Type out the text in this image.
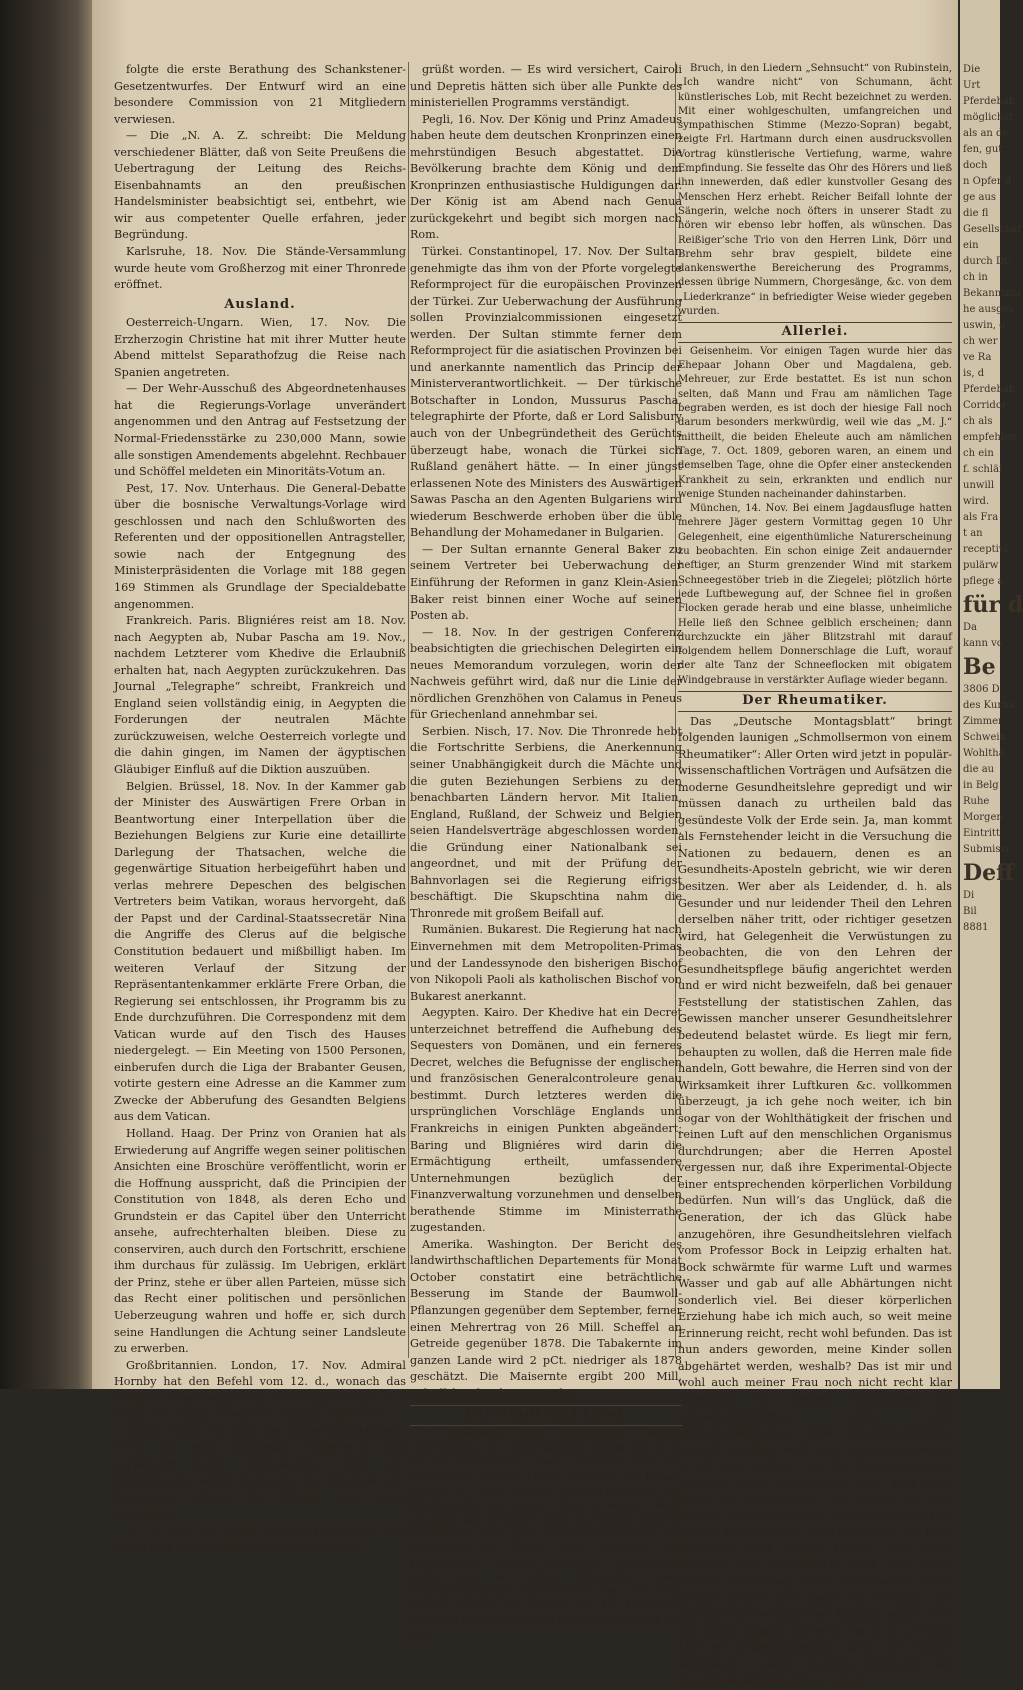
folgte die erste Berathung des Schankstener-Gesetzentwurfes. Der Entwurf wird an eine besondere Commission von 21 Mitgliedern verwiesen.

— Die „N. A. Z. schreibt: Die Meldung verschiedener Blätter, daß von Seite Preußens die Uebertragung der Leitung des Reichs-Eisenbahnamts an den preußischen Handelsminister beabsichtigt sei, entbehrt, wie wir aus competenter Quelle erfahren, jeder Begründung.

Karlsruhe, 18. Nov. Die Stände-Versammlung wurde heute vom Großherzog mit einer Thronrede eröffnet.

Ausland.

Oesterreich-Ungarn. Wien, 17. Nov. Die Erzherzogin Christine hat mit ihrer Mutter heute Abend mittelst Separathofzug die Reise nach Spanien angetreten.

— Der Wehr-Ausschuß des Abgeordnetenhauses hat die Regierungs-Vorlage unverändert angenommen und den Antrag auf Festsetzung der Normal-Friedensstärke zu 230,000 Mann, sowie alle sonstigen Amendements abgelehnt. Rechbauer und Schöffel meldeten ein Minoritäts-Votum an.

Pest, 17. Nov. Unterhaus. Die General-Debatte über die bosnische Verwaltungs-Vorlage wird geschlossen und nach den Schlußworten des Referenten und der oppositionellen Antragsteller, sowie nach der Entgegnung des Ministerpräsidenten die Vorlage mit 188 gegen 169 Stimmen als Grundlage der Specialdebatte angenommen.

Frankreich. Paris. Bligniéres reist am 18. Nov. nach Aegypten ab, Nubar Pascha am 19. Nov., nachdem Letzterer vom Khedive die Erlaubniß erhalten hat, nach Aegypten zurückzukehren. Das Journal „Telegraphe“ schreibt, Frankreich und England seien vollständig einig, in Aegypten die Forderungen der neutralen Mächte zurückzuweisen, welche Oesterreich vorlegte und die dahin gingen, im Namen der ägyptischen Gläubiger Einfluß auf die Diktion auszuüben.

Belgien. Brüssel, 18. Nov. In der Kammer gab der Minister des Auswärtigen Frere Orban in Beantwortung einer Interpellation über die Beziehungen Belgiens zur Kurie eine detaillirte Darlegung der Thatsachen, welche die gegenwärtige Situation herbeigeführt haben und verlas mehrere Depeschen des belgischen Vertreters beim Vatikan, woraus hervorgeht, daß der Papst und der Cardinal-Staatssecretär Nina die Angriffe des Clerus auf die belgische Constitution bedauert und mißbilligt haben. Im weiteren Verlauf der Sitzung der Repräsentantenkammer erklärte Frere Orban, die Regierung sei entschlossen, ihr Programm bis zu Ende durchzuführen. Die Correspondenz mit dem Vatican wurde auf den Tisch des Hauses niedergelegt. — Ein Meeting von 1500 Personen, einberufen durch die Liga der Brabanter Geusen, votirte gestern eine Adresse an die Kammer zum Zwecke der Abberufung des Gesandten Belgiens aus dem Vatican.

Holland. Haag. Der Prinz von Oranien hat als Erwiederung auf Angriffe wegen seiner politischen Ansichten eine Broschüre veröffentlicht, worin er die Hoffnung ausspricht, daß die Principien der Constitution von 1848, als deren Echo und Grundstein er das Capitel über den Unterricht ansehe, aufrechterhalten bleiben. Diese zu conserviren, auch durch den Fortschritt, erschiene ihm durchaus für zulässig. Im Uebrigen, erklärt der Prinz, stehe er über allen Parteien, müsse sich das Recht einer politischen und persönlichen Ueberzeugung wahren und hoffe er, sich durch seine Handlungen die Achtung seiner Landsleute zu erwerben.

Großbritannien. London, 17. Nov. Admiral Hornby hat den Befehl vom 12. d., wonach das britische Geschwader sich bereit halten sollte, in 4 Tagen von Malta ostwärts zu segeln, widerrufen.

Italien. Rom, 16. Nov. Der Unterrichts-Minister Perez hat seine Demission eingereicht und verweigert deren Zurücknahme trotz der Vorstellungen seiner Collegen. Die Annahme der Demission seitens des Königs wird noch bezweifelt.

— 17. Nov. Der König und Prinz Amadeus sind heute hier eingetroffen und mit Zurufen be-

grüßt worden. — Es wird versichert, Cairoli und Depretis hätten sich über alle Punkte des ministeriellen Programms verständigt.

Pegli, 16. Nov. Der König und Prinz Amadeus haben heute dem deutschen Kronprinzen einen mehrstündigen Besuch abgestattet. Die Bevölkerung brachte dem König und dem Kronprinzen enthusiastische Huldigungen dar. Der König ist am Abend nach Genua zurückgekehrt und begibt sich morgen nach Rom.

Türkei. Constantinopel, 17. Nov. Der Sultan genehmigte das ihm von der Pforte vorgelegte Reformproject für die europäischen Provinzen der Türkei. Zur Ueberwachung der Ausführung sollen Provinzialcommissionen eingesetzt werden. Der Sultan stimmte ferner dem Reformproject für die asiatischen Provinzen bei und anerkannte namentlich das Princip der Ministerverantwortlichkeit. — Der türkische Botschafter in London, Mussurus Pascha, telegraphirte der Pforte, daß er Lord Salisbury auch von der Unbegründetheit des Gerüchts überzeugt habe, wonach die Türkei sich Rußland genähert hätte. — In einer jüngst erlassenen Note des Ministers des Auswärtigen Sawas Pascha an den Agenten Bulgariens wird wiederum Beschwerde erhoben über die üble Behandlung der Mohamedaner in Bulgarien.

— Der Sultan ernannte General Baker zu seinem Vertreter bei Ueberwachung der Einführung der Reformen in ganz Klein-Asien. Baker reist binnen einer Woche auf seinen Posten ab.

— 18. Nov. In der gestrigen Conferenz beabsichtigten die griechischen Delegirten ein neues Memorandum vorzulegen, worin der Nachweis geführt wird, daß nur die Linie der nördlichen Grenzhöhen von Calamus in Peneus für Griechenland annehmbar sei.

Serbien. Nisch, 17. Nov. Die Thronrede hebt die Fortschritte Serbiens, die Anerkennung seiner Unabhängigkeit durch die Mächte und die guten Beziehungen Serbiens zu den benachbarten Ländern hervor. Mit Italien, England, Rußland, der Schweiz und Belgien seien Handelsverträge abgeschlossen worden, die Gründung einer Nationalbank sei angeordnet, und mit der Prüfung der Bahnvorlagen sei die Regierung eifrigst beschäftigt. Die Skupschtina nahm die Thronrede mit großem Beifall auf.

Rumänien. Bukarest. Die Regierung hat nach Einvernehmen mit dem Metropoliten-Primas und der Landessynode den bisherigen Bischof von Nikopoli Paoli als katholischen Bischof von Bukarest anerkannt.

Aegypten. Kairo. Der Khedive hat ein Decret unterzeichnet betreffend die Aufhebung des Sequesters von Domänen, und ein ferneres Decret, welches die Befugnisse der englischen und französischen Generalcontroleure genau bestimmt. Durch letzteres werden die ursprünglichen Vorschläge Englands und Frankreichs in einigen Punkten abgeändert; Baring und Bligniéres wird darin die Ermächtigung ertheilt, umfassendere Unternehmungen bezüglich der Finanzverwaltung vorzunehmen und denselben berathende Stimme im Ministerrathe zugestanden.

Amerika. Washington. Der Bericht des landwirthschaftlichen Departements für Monat October constatirt eine beträchtliche Besserung im Stande der Baumwoll-Pflanzungen gegenüber dem September, ferner einen Mehrertrag von 26 Mill. Scheffel an Getreide gegenüber 1878. Die Tabakernte im ganzen Lande wird 2 pCt. niedriger als 1878 geschätzt. Die Maisernte ergibt 200 Mill. Scheffel mehr als im Vorjahr.

Aus Stadt und Land.

r. Friedberg. Die musikalische Abend-Unterhaltung des „Liederkranzes“ welche am 16. d. M. im Trapp’schen Saale stattfand, gab uns Gelegenheit, Fräulein Louise Hartmann von Hanau, welche in dem letzten Kirchen-Concerte des Musikvereins zum ersten Male in unserer Stadt gesungen und gewiß bei Allen, die diesem Concerte beiwohnten, einen guten Eindruck hinterlassen hat, neuerdings zu hören. Dem Vorstand des Liederkranzes gebührt öffentliche Anerkennung dafür, daß er seinen Mitgliedern einen außergewöhnlichen Genuß bereitet hat. Den Anlaß solcher verdient der Vortrag des Frl. Hartmann, welche in dem Recitativ und Gebet aus Odysseus von Max

Bruch, in den Liedern „Sehnsucht“ von Rubinstein, „Ich wandre nicht“ von Schumann, ächt künstlerisches Lob, mit Recht bezeichnet zu werden. Mit einer wohlgeschulten, umfangreichen und sympathischen Stimme (Mezzo-Sopran) begabt, zeigte Frl. Hartmann durch einen ausdrucksvollen Vortrag künstlerische Vertiefung, warme, wahre Empfindung. Sie fesselte das Ohr des Hörers und ließ ihn innewerden, daß edler kunstvoller Gesang des Menschen Herz erhebt. Reicher Beifall lohnte der Sängerin, welche noch öfters in unserer Stadt zu hören wir ebenso lebr hoffen, als wünschen. Das Reißiger’sche Trio von den Herren Link, Dörr und Brehm sehr brav gespielt, bildete eine dankenswerthe Bereicherung des Programms, dessen übrige Nummern, Chorgesänge, &c. von dem „Liederkranze“ in befriedigter Weise wieder gegeben wurden.

Allerlei.

Geisenheim. Vor einigen Tagen wurde hier das Ehepaar Johann Ober und Magdalena, geb. Mehreuer, zur Erde bestattet. Es ist nun schon selten, daß Mann und Frau am nämlichen Tage begraben werden, es ist doch der hiesige Fall noch darum besonders merkwürdig, weil wie das „M. J.“ mittheilt, die beiden Eheleute auch am nämlichen Tage, 7. Oct. 1809, geboren waren, an einem und demselben Tage, ohne die Opfer einer ansteckenden Krankheit zu sein, erkrankten und endlich nur wenige Stunden nacheinander dahinstarben.

München, 14. Nov. Bei einem Jagdausfluge hatten mehrere Jäger gestern Vormittag gegen 10 Uhr Gelegenheit, eine eigenthümliche Naturerscheinung zu beobachten. Ein schon einige Zeit andauernder heftiger, an Sturm grenzender Wind mit starkem Schneegestöber trieb in die Ziegelei; plötzlich hörte jede Luftbewegung auf, der Schnee fiel in großen Flocken gerade herab und eine blasse, unheimliche Helle ließ den Schnee gelblich erscheinen; dann durchzuckte ein jäher Blitzstrahl mit darauf folgendem hellem Donnerschlage die Luft, worauf der alte Tanz der Schneeflocken mit obigatem Windgebrause in verstärkter Auflage wieder begann.

Der Rheumatiker.

Das „Deutsche Montagsblatt“ bringt folgenden launigen „Schmollsermon von einem Rheumatiker“: Aller Orten wird jetzt in populär-wissenschaftlichen Vorträgen und Aufsätzen die moderne Gesundheitslehre gepredigt und wir müssen danach zu urtheilen bald das gesündeste Volk der Erde sein. Ja, man kommt als Fernstehender leicht in die Versuchung die Nationen zu bedauern, denen es an Gesundheits-Aposteln gebricht, wie wir deren besitzen. Wer aber als Leidender, d. h. als Gesunder und nur leidender Theil den Lehren derselben näher tritt, oder richtiger gesetzen wird, hat Gelegenheit die Verwüstungen zu beobachten, die von den Lehren der Gesundheitspflege bäufig angerichtet werden und er wird nicht bezweifeln, daß bei genauer Feststellung der statistischen Zahlen, das Gewissen mancher unserer Gesundheitslehrer bedeutend belastet würde. Es liegt mir fern, behaupten zu wollen, daß die Herren male fide handeln, Gott bewahre, die Herren sind von der Wirksamkeit ihrer Luftkuren &c. vollkommen überzeugt, ja ich gehe noch weiter, ich bin sogar von der Wohlthätigkeit der frischen und reinen Luft auf den menschlichen Organismus durchdrungen; aber die Herren Apostel vergessen nur, daß ihre Experimental-Objecte einer entsprechenden körperlichen Vorbildung bedürfen. Nun will’s das Unglück, daß die Generation, der ich das Glück habe anzugehören, ihre Gesundheitslehren vielfach vom Professor Bock in Leipzig erhalten hat. Bock schwärmte für warme Luft und warmes Wasser und gab auf alle Abhärtungen nicht sonderlich viel. Bei dieser körperlichen Erziehung habe ich mich auch, so weit meine Erinnerung reicht, recht wohl befunden. Das ist nun anders geworden, meine Kinder sollen abgehärtet werden, weshalb? Das ist mir und wohl auch meiner Frau noch nicht recht klar geworden. Da werden Vorlesungen im „wissenschaftlichen“, „Lette-“ oder „Handwerkerverein“ über Gesundheitspflege besucht und dann wird alles Gehörte brühwarm — ach nein, eiskalt — an den Kindern und mir versucht. Diese Vorlesungen sind aber noch nicht das Schlimmste; oft gelingt es mir, meinem Frauchen klar zu machen, daß sie sich verhört haben müsse: „das kann doch der Herr Professor nicht gesagt haben“, und dann kommen wir gewöhnlich noch mit einer leichten Erkältung davon. Was wollen diese kleinen Leiden aber gegen die Wirkung der populärwissenschaftlichen Aufsätze sagen, hier hat man’s schwarz auf weiß vor sich: „Frische Luft ist Lebensbelement, sorgt für stetige Ventilation.“ „Wenn mehrere Menschen bei geschlossenen Fenstern in einem

Die
Urt
Pferdebah
möglichst
als an de
fen, gut,
doch
n Opfer d
ge aus
die fl
Gesellschaf
ein
durch Dr.
ch in
Bekanntma
he ausges
uswin, o
ch wer
ve Ra
is, d
Pferdebah
Corridor
ch als
empfehlen
ch ein
f. schläf
unwill
wird.
als Fra
t an
receptivi
pulärw
pflege a
für d
Da
kann vo
Be
3806 D
des Kurha
Zimmer
Schwein
Wohlthä
die au
in Belg
Ruhe
Morgen
Eintritt
Submissi
Deff
Di
Bil
8881
